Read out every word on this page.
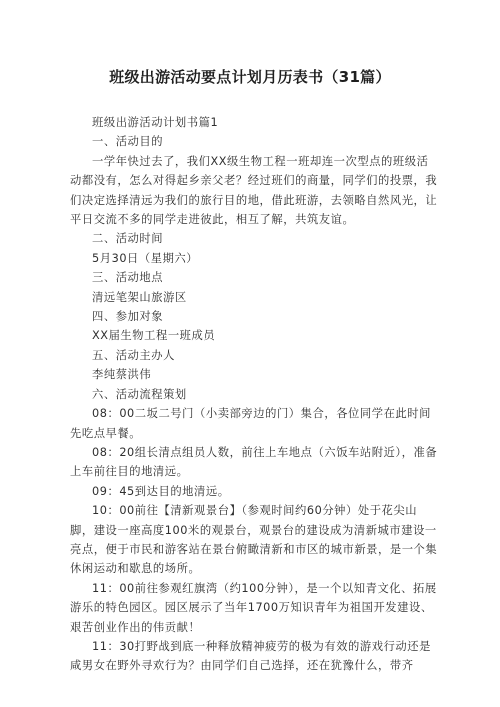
班级出游活动要点计划月历表书（31篇）

班级出游活动计划书篇1

一、活动目的

一学年快过去了，我们XX级生物工程一班却连一次型点的班级活动都没有，怎么对得起乡亲父老？经过班们的商量，同学们的投票，我们决定选择清远为我们的旅行目的地，借此班游，去领略自然风光，让平日交流不多的同学走进彼此，相互了解，共筑友谊。

二、活动时间

5月30日（星期六）

三、活动地点

清远笔架山旅游区

四、参加对象

XX届生物工程一班成员

五、活动主办人

李纯蔡洪伟

六、活动流程策划

08：00二坂二号门（小卖部旁边的门）集合，各位同学在此时间先吃点早餐。

08：20组长清点组员人数，前往上车地点（六饭车站附近），准备上车前往目的地清远。

09：45到达目的地清远。

10：00前往【清新观景台】（参观时间约60分钟）处于花尖山脚，建设一座高度100米的观景台，观景台的建设成为清新城市建设一亮点，便于市民和游客站在景台俯瞰清新和市区的城市新景，是一个集休闲运动和歇息的场所。

11：00前往参观红旗湾（约100分钟），是一个以知青文化、拓展游乐的特色园区。园区展示了当年1700万知识青年为祖国开发建设、艰苦创业作出的伟贡献！

11：30打野战到底一种释放精神疲劳的极为有效的游戏行动还是咸男女在野外寻欢行为？由同学们自己选择，还在犹豫什么，带齐
